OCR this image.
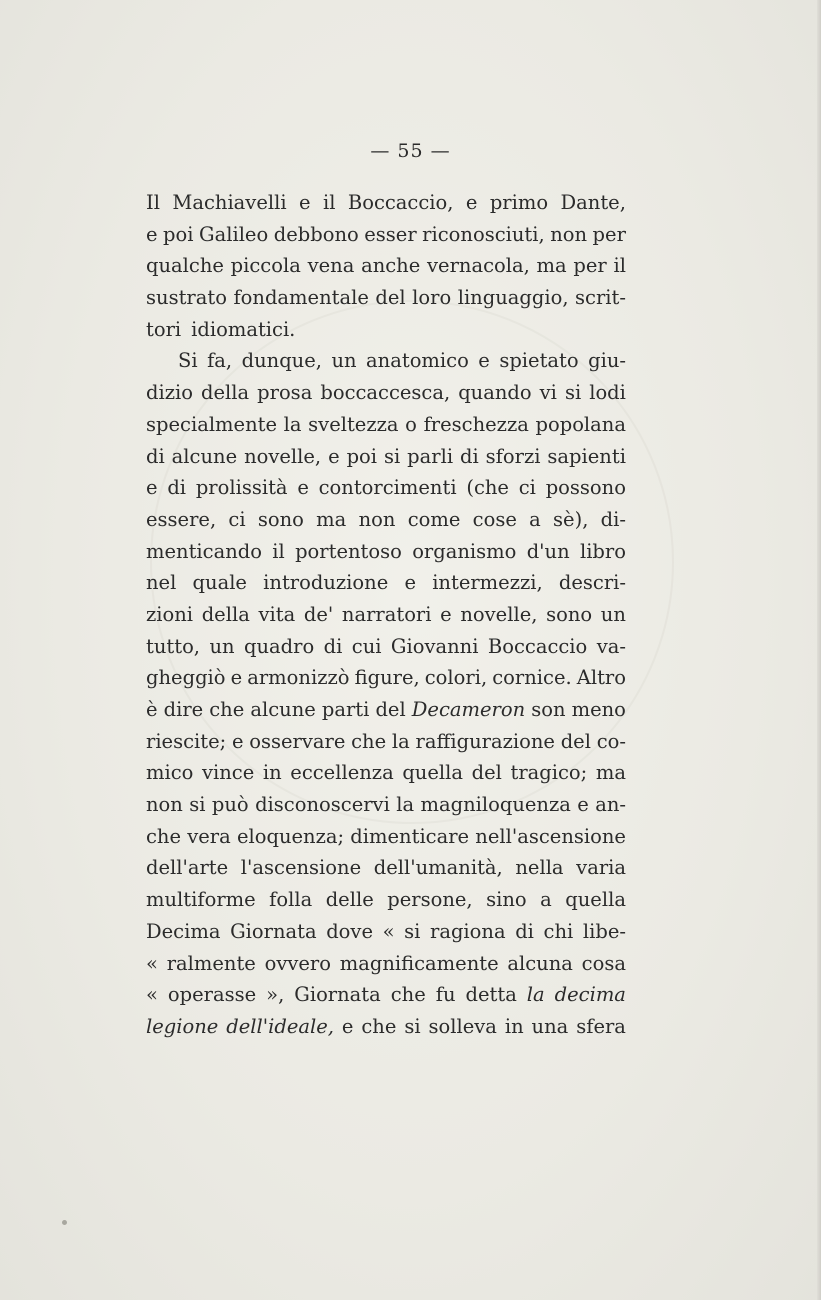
— 55 —
Il Machiavelli e il Boccaccio, e primo Dante,
e poi Galileo debbono esser riconosciuti, non per
qualche piccola vena anche vernacola, ma per il
sustrato fondamentale del loro linguaggio, scrit-
tori idiomatici.
Si fa, dunque, un anatomico e spietato giu-
dizio della prosa boccaccesca, quando vi si lodi
specialmente la sveltezza o freschezza popolana
di alcune novelle, e poi si parli di sforzi sapienti
e di prolissità e contorcimenti (che ci possono
essere, ci sono ma non come cose a sè), di-
menticando il portentoso organismo d'un libro
nel quale introduzione e intermezzi, descri-
zioni della vita de' narratori e novelle, sono un
tutto, un quadro di cui Giovanni Boccaccio va-
gheggiò e armonizzò figure, colori, cornice. Altro
è dire che alcune parti del Decameron son meno
riescite; e osservare che la raffigurazione del co-
mico vince in eccellenza quella del tragico; ma
non si può disconoscervi la magniloquenza e an-
che vera eloquenza; dimenticare nell'ascensione
dell'arte l'ascensione dell'umanità, nella varia
multiforme folla delle persone, sino a quella
Decima Giornata dove « si ragiona di chi libe-
« ralmente ovvero magnificamente alcuna cosa
« operasse », Giornata che fu detta la decima
legione dell'ideale, e che si solleva in una sfera
